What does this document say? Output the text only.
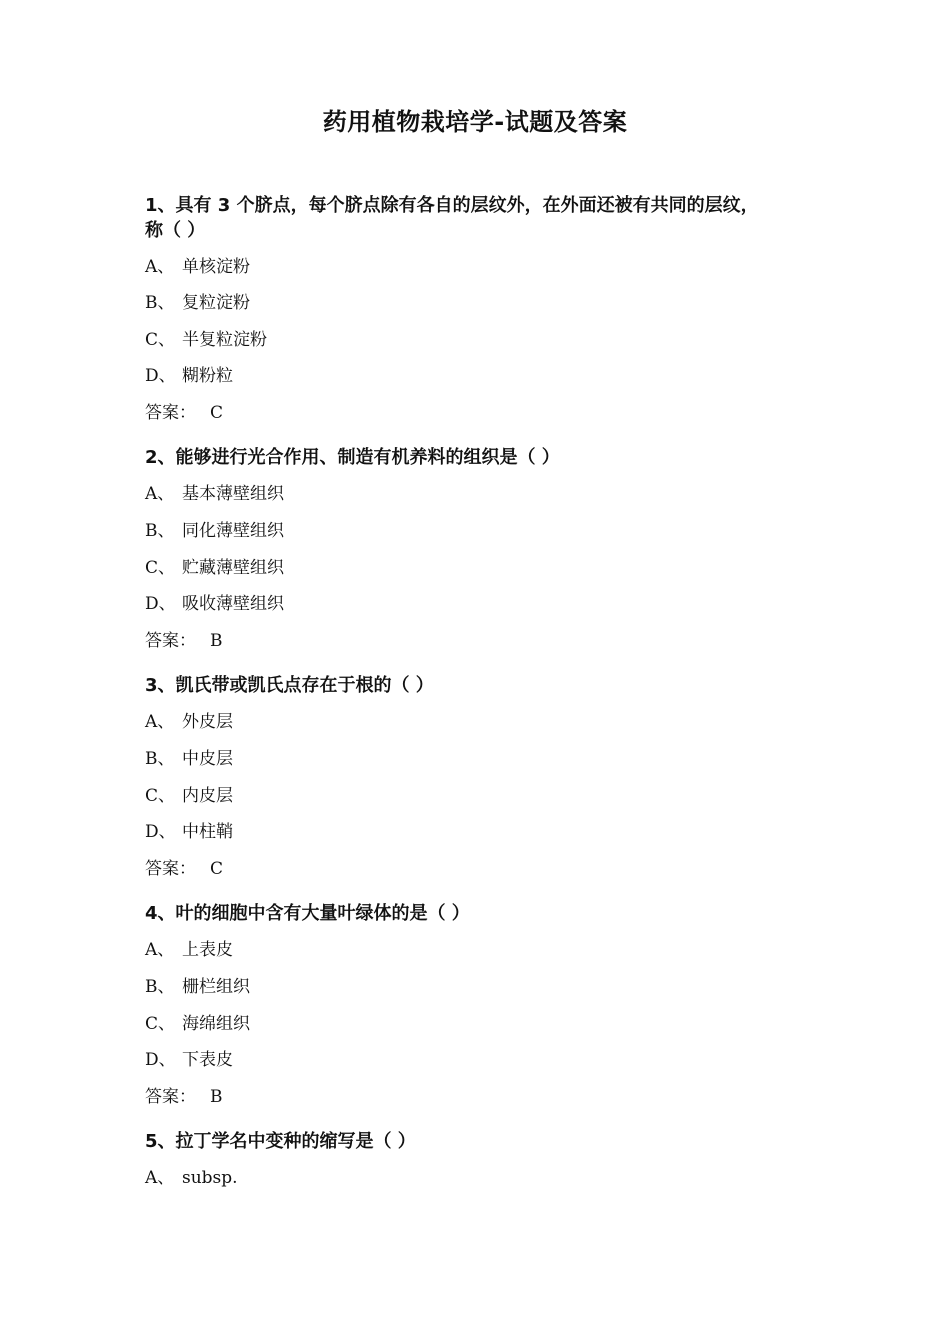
药用植物栽培学-试题及答案
1、具有 3 个脐点，每个脐点除有各自的层纹外，在外面还被有共同的层纹，
称（ ）
A、 单核淀粉
B、 复粒淀粉
C、 半复粒淀粉
D、 糊粉粒
答案： C
2、能够进行光合作用、制造有机养料的组织是（ ）
A、 基本薄壁组织
B、 同化薄壁组织
C、 贮藏薄壁组织
D、 吸收薄壁组织
答案： B
3、凯氏带或凯氏点存在于根的（ ）
A、 外皮层
B、 中皮层
C、 内皮层
D、 中柱鞘
答案： C
4、叶的细胞中含有大量叶绿体的是（ ）
A、 上表皮
B、 栅栏组织
C、 海绵组织
D、 下表皮
答案： B
5、拉丁学名中变种的缩写是（ ）
A、 subsp.
